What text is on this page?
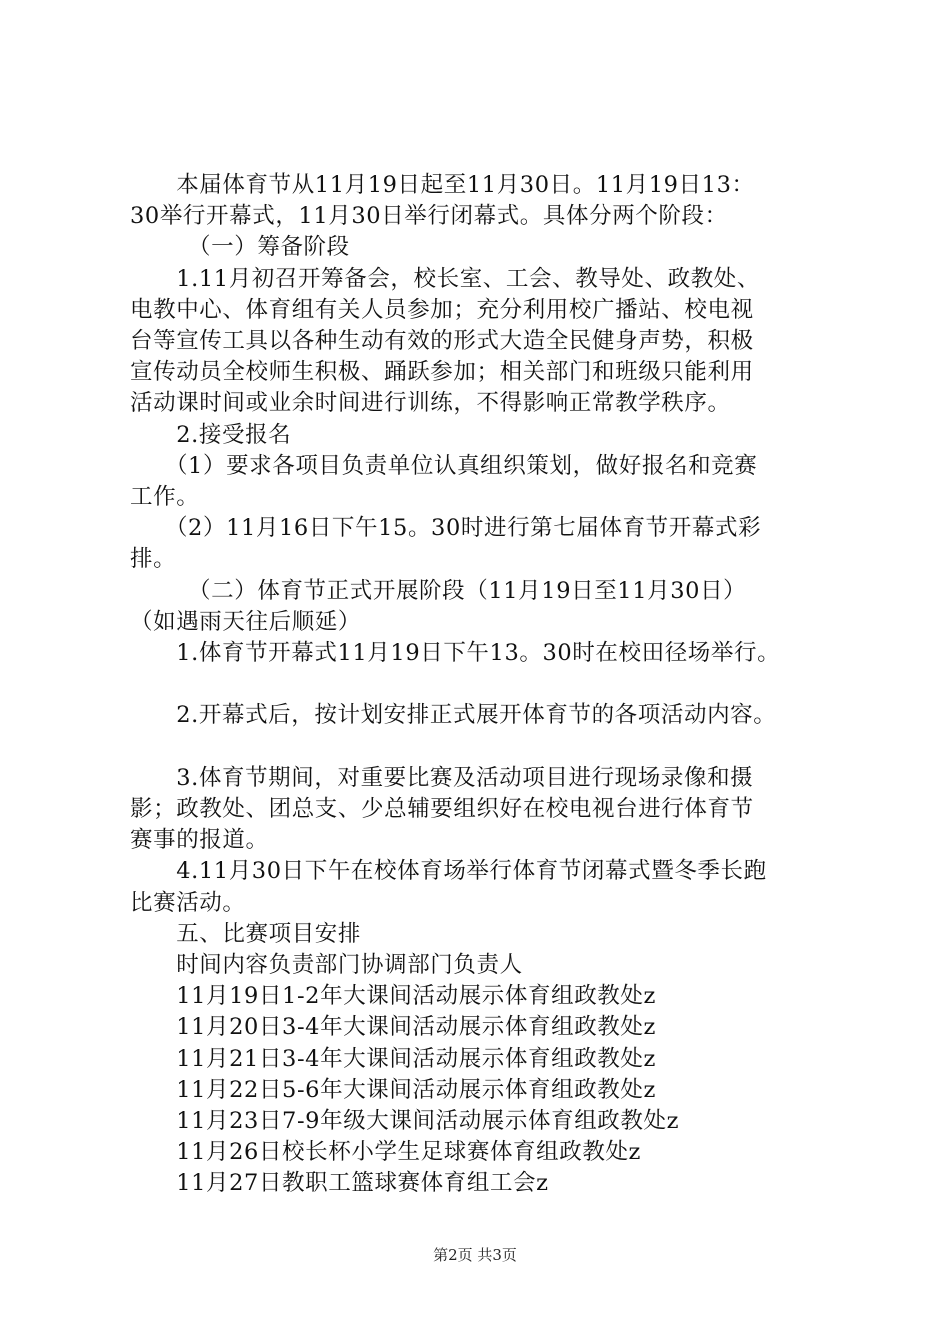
　　本届体育节从11月19日起至11月30日。11月19日13：
30举行开幕式，11月30日举行闭幕式。具体分两个阶段：
　　　（一）筹备阶段
　　1.11月初召开筹备会，校长室、工会、教导处、政教处、
电教中心、体育组有关人员参加；充分利用校广播站、校电视
台等宣传工具以各种生动有效的形式大造全民健身声势，积极
宣传动员全校师生积极、踊跃参加；相关部门和班级只能利用
活动课时间或业余时间进行训练，不得影响正常教学秩序。
　　2.接受报名
　　（1）要求各项目负责单位认真组织策划，做好报名和竞赛
工作。
　　（2）11月16日下午15。30时进行第七届体育节开幕式彩
排。
　　　（二）体育节正式开展阶段（11月19日至11月30日）
（如遇雨天往后顺延）
　　1.体育节开幕式11月19日下午13。30时在校田径场举行。
　　2.开幕式后，按计划安排正式展开体育节的各项活动内容。
　　3.体育节期间，对重要比赛及活动项目进行现场录像和摄
影；政教处、团总支、少总辅要组织好在校电视台进行体育节
赛事的报道。
　　4.11月30日下午在校体育场举行体育节闭幕式暨冬季长跑
比赛活动。
　　五、比赛项目安排
　　时间内容负责部门协调部门负责人
　　11月19日1-2年大课间活动展示体育组政教处z
　　11月20日3-4年大课间活动展示体育组政教处z
　　11月21日3-4年大课间活动展示体育组政教处z
　　11月22日5-6年大课间活动展示体育组政教处z
　　11月23日7-9年级大课间活动展示体育组政教处z
　　11月26日校长杯小学生足球赛体育组政教处z
　　11月27日教职工篮球赛体育组工会z
第2页 共3页
